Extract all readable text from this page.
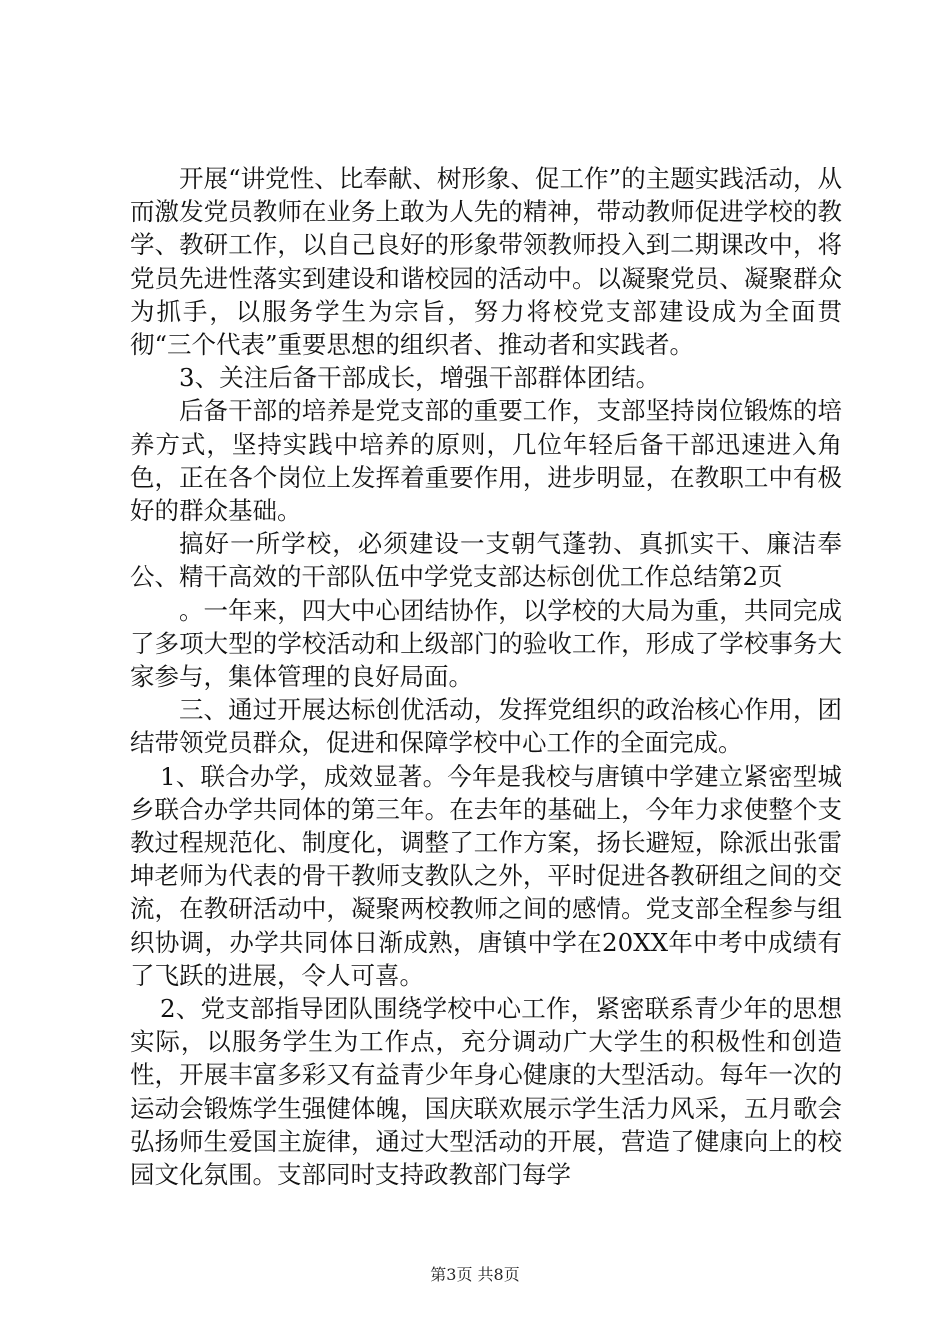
开展“讲党性、比奉献、树形象、促工作”的主题实践活动，从而激发党员教师在业务上敢为人先的精神，带动教师促进学校的教学、教研工作，以自己良好的形象带领教师投入到二期课改中，将党员先进性落实到建设和谐校园的活动中。以凝聚党员、凝聚群众为抓手，以服务学生为宗旨，努力将校党支部建设成为全面贯彻“三个代表”重要思想的组织者、推动者和实践者。

3、关注后备干部成长，增强干部群体团结。

后备干部的培养是党支部的重要工作，支部坚持岗位锻炼的培养方式，坚持实践中培养的原则，几位年轻后备干部迅速进入角色，正在各个岗位上发挥着重要作用，进步明显，在教职工中有极好的群众基础。

搞好一所学校，必须建设一支朝气蓬勃、真抓实干、廉洁奉公、精干高效的干部队伍中学党支部达标创优工作总结第2页

。一年来，四大中心团结协作，以学校的大局为重，共同完成了多项大型的学校活动和上级部门的验收工作，形成了学校事务大家参与，集体管理的良好局面。

三、通过开展达标创优活动，发挥党组织的政治核心作用，团结带领党员群众，促进和保障学校中心工作的全面完成。

1、联合办学，成效显著。今年是我校与唐镇中学建立紧密型城乡联合办学共同体的第三年。在去年的基础上，今年力求使整个支教过程规范化、制度化，调整了工作方案，扬长避短，除派出张雷坤老师为代表的骨干教师支教队之外，平时促进各教研组之间的交流，在教研活动中，凝聚两校教师之间的感情。党支部全程参与组织协调，办学共同体日渐成熟，唐镇中学在20XX年中考中成绩有了飞跃的进展，令人可喜。

2、党支部指导团队围绕学校中心工作，紧密联系青少年的思想实际，以服务学生为工作点，充分调动广大学生的积极性和创造性，开展丰富多彩又有益青少年身心健康的大型活动。每年一次的运动会锻炼学生强健体魄，国庆联欢展示学生活力风采，五月歌会弘扬师生爱国主旋律，通过大型活动的开展，营造了健康向上的校园文化氛围。支部同时支持政教部门每学

第3页 共8页
